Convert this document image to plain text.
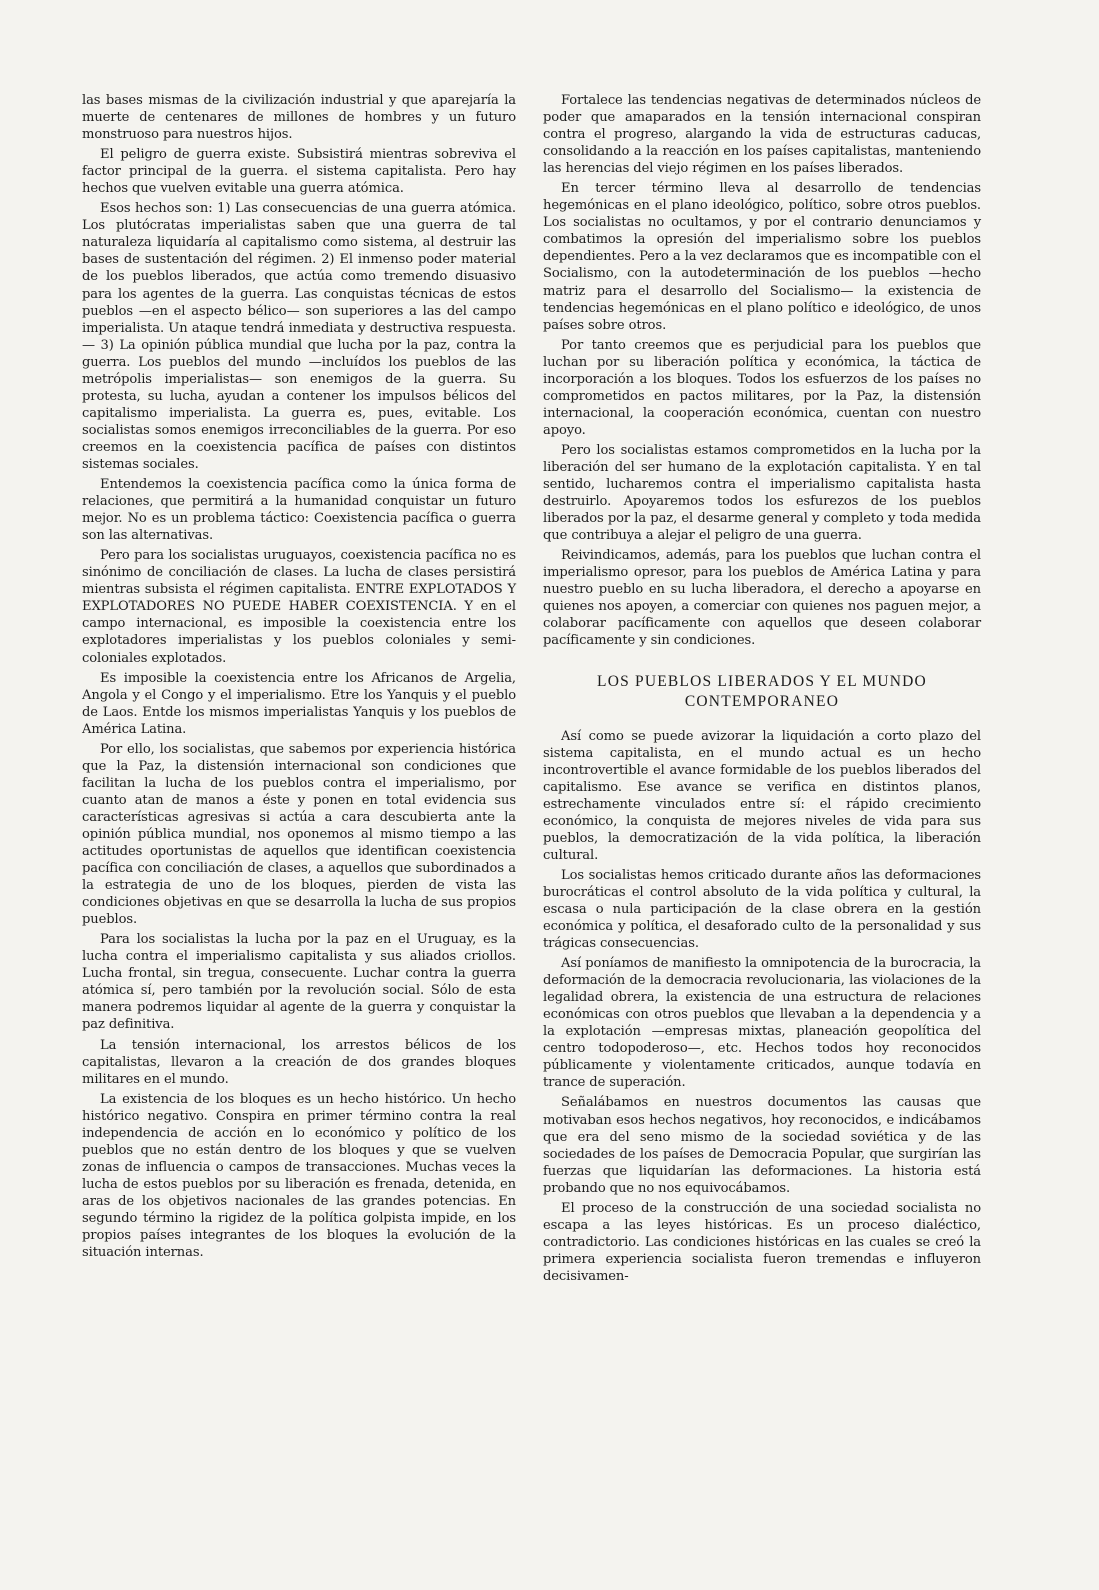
las bases mismas de la civilización industrial y que aparejaría la muerte de centenares de millones de hombres y un futuro monstruoso para nuestros hijos.

El peligro de guerra existe. Subsistirá mientras sobreviva el factor principal de la guerra. el sistema capitalista. Pero hay hechos que vuelven evitable una guerra atómica.

Esos hechos son: 1) Las consecuencias de una guerra atómica. Los plutócratas imperialistas saben que una guerra de tal naturaleza liquidaría al capitalismo como sistema, al destruir las bases de sustentación del régimen. 2) El inmenso poder material de los pueblos liberados, que actúa como tremendo disuasivo para los agentes de la guerra. Las conquistas técnicas de estos pueblos —en el aspecto bélico— son superiores a las del campo imperialista. Un ataque tendrá inmediata y destructiva respuesta. — 3) La opinión pública mundial que lucha por la paz, contra la guerra. Los pueblos del mundo —incluídos los pueblos de las metrópolis imperialistas— son enemigos de la guerra. Su protesta, su lucha, ayudan a contener los impulsos bélicos del capitalismo imperialista. La guerra es, pues, evitable. Los socialistas somos enemigos irreconciliables de la guerra. Por eso creemos en la coexistencia pacífica de países con distintos sistemas sociales.

Entendemos la coexistencia pacífica como la única forma de relaciones, que permitirá a la humanidad conquistar un futuro mejor. No es un problema táctico: Coexistencia pacífica o guerra son las alternativas.

Pero para los socialistas uruguayos, coexistencia pacífica no es sinónimo de conciliación de clases. La lucha de clases persistirá mientras subsista el régimen capitalista. ENTRE EXPLOTADOS Y EXPLOTADORES NO PUEDE HABER COEXISTENCIA. Y en el campo internacional, es imposible la coexistencia entre los explotadores imperialistas y los pueblos coloniales y semi-coloniales explotados.

Es imposible la coexistencia entre los Africanos de Argelia, Angola y el Congo y el imperialismo. Etre los Yanquis y el pueblo de Laos. Entde los mismos imperialistas Yanquis y los pueblos de América Latina.

Por ello, los socialistas, que sabemos por experiencia histórica que la Paz, la distensión internacional son condiciones que facilitan la lucha de los pueblos contra el imperialismo, por cuanto atan de manos a éste y ponen en total evidencia sus características agresivas si actúa a cara descubierta ante la opinión pública mundial, nos oponemos al mismo tiempo a las actitudes oportunistas de aquellos que identifican coexistencia pacífica con conciliación de clases, a aquellos que subordinados a la estrategia de uno de los bloques, pierden de vista las condiciones objetivas en que se desarrolla la lucha de sus propios pueblos.

Para los socialistas la lucha por la paz en el Uruguay, es la lucha contra el imperialismo capitalista y sus aliados criollos. Lucha frontal, sin tregua, consecuente. Luchar contra la guerra atómica sí, pero también por la revolución social. Sólo de esta manera podremos liquidar al agente de la guerra y conquistar la paz definitiva.

La tensión internacional, los arrestos bélicos de los capitalistas, llevaron a la creación de dos grandes bloques militares en el mundo.

La existencia de los bloques es un hecho histórico. Un hecho histórico negativo. Conspira en primer término contra la real independencia de acción en lo económico y político de los pueblos que no están dentro de los bloques y que se vuelven zonas de influencia o campos de transacciones. Muchas veces la lucha de estos pueblos por su liberación es frenada, detenida, en aras de los objetivos nacionales de las grandes potencias. En segundo término la rigidez de la política golpista impide, en los propios países integrantes de los bloques la evolución de la situación internas.

Fortalece las tendencias negativas de determinados núcleos de poder que amaparados en la tensión internacional conspiran contra el progreso, alargando la vida de estructuras caducas, consolidando a la reacción en los países capitalistas, manteniendo las herencias del viejo régimen en los países liberados.

En tercer término lleva al desarrollo de tendencias hegemónicas en el plano ideológico, político, sobre otros pueblos. Los socialistas no ocultamos, y por el contrario denunciamos y combatimos la opresión del imperialismo sobre los pueblos dependientes. Pero a la vez declaramos que es incompatible con el Socialismo, con la autodeterminación de los pueblos —hecho matriz para el desarrollo del Socialismo— la existencia de tendencias hegemónicas en el plano político e ideológico, de unos países sobre otros.

Por tanto creemos que es perjudicial para los pueblos que luchan por su liberación política y económica, la táctica de incorporación a los bloques. Todos los esfuerzos de los países no comprometidos en pactos militares, por la Paz, la distensión internacional, la cooperación económica, cuentan con nuestro apoyo.

Pero los socialistas estamos comprometidos en la lucha por la liberación del ser humano de la explotación capitalista. Y en tal sentido, lucharemos contra el imperialismo capitalista hasta destruirlo. Apoyaremos todos los esfurezos de los pueblos liberados por la paz, el desarme general y completo y toda medida que contribuya a alejar el peligro de una guerra.

Reivindicamos, además, para los pueblos que luchan contra el imperialismo opresor, para los pueblos de América Latina y para nuestro pueblo en su lucha liberadora, el derecho a apoyarse en quienes nos apoyen, a comerciar con quienes nos paguen mejor, a colaborar pacíficamente con aquellos que deseen colaborar pacíficamente y sin condiciones.

LOS PUEBLOS LIBERADOS Y EL MUNDO
CONTEMPORANEO

Así como se puede avizorar la liquidación a corto plazo del sistema capitalista, en el mundo actual es un hecho incontrovertible el avance formidable de los pueblos liberados del capitalismo. Ese avance se verifica en distintos planos, estrechamente vinculados entre sí: el rápido crecimiento económico, la conquista de mejores niveles de vida para sus pueblos, la democratización de la vida política, la liberación cultural.

Los socialistas hemos criticado durante años las deformaciones burocráticas el control absoluto de la vida política y cultural, la escasa o nula participación de la clase obrera en la gestión económica y política, el desaforado culto de la personalidad y sus trágicas consecuencias.

Así poníamos de manifiesto la omnipotencia de la burocracia, la deformación de la democracia revolucionaria, las violaciones de la legalidad obrera, la existencia de una estructura de relaciones económicas con otros pueblos que llevaban a la dependencia y a la explotación —empresas mixtas, planeación geopolítica del centro todopoderoso—, etc. Hechos todos hoy reconocidos públicamente y violentamente criticados, aunque todavía en trance de superación.

Señalábamos en nuestros documentos las causas que motivaban esos hechos negativos, hoy reconocidos, e indicábamos que era del seno mismo de la sociedad soviética y de las sociedades de los países de Democracia Popular, que surgirían las fuerzas que liquidarían las deformaciones. La historia está probando que no nos equivocábamos.

El proceso de la construcción de una sociedad socialista no escapa a las leyes históricas. Es un proceso dialéctico, contradictorio. Las condiciones históricas en las cuales se creó la primera experiencia socialista fueron tremendas e influyeron decisivamen-
